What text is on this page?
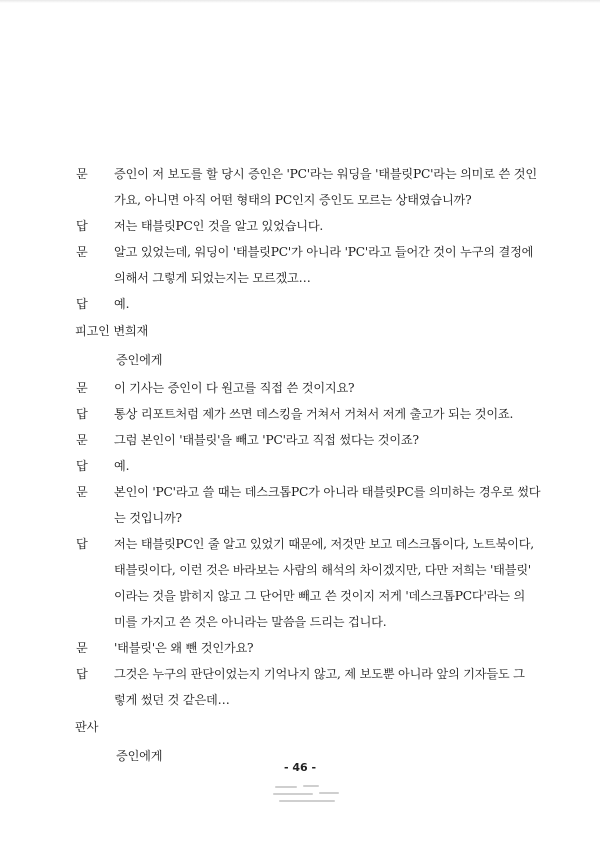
문	증인이 저 보도를 할 당시 증인은 'PC'라는 워딩을 '태블릿PC'라는 의미로 쓴 것인
가요, 아니면 아직 어떤 형태의 PC인지 증인도 모르는 상태였습니까?
답	저는 태블릿PC인 것을 알고 있었습니다.
문	알고 있었는데, 워딩이 '태블릿PC'가 아니라 'PC'라고 들어간 것이 누구의 결정에
의해서 그렇게 되었는지는 모르겠고…
답	예.
피고인 변희재
증인에게
문	이 기사는 증인이 다 원고를 직접 쓴 것이지요?
답	통상 리포트처럼 제가 쓰면 데스킹을 거쳐서 거쳐서 저게 출고가 되는 것이죠.
문	그럼 본인이 '태블릿'을 빼고 'PC'라고 직접 썼다는 것이죠?
답	예.
문	본인이 'PC'라고 쓸 때는 데스크톱PC가 아니라 태블릿PC를 의미하는 경우로 썼다
는 것입니까?
답	저는 태블릿PC인 줄 알고 있었기 때문에, 저것만 보고 데스크톱이다, 노트북이다,
태블릿이다, 이런 것은 바라보는 사람의 해석의 차이겠지만, 다만 저희는 '태블릿'
이라는 것을 밝히지 않고 그 단어만 빼고 쓴 것이지 저게 '데스크톱PC다'라는 의
미를 가지고 쓴 것은 아니라는 말씀을 드리는 겁니다.
문	'태블릿'은 왜 뺀 것인가요?
답	그것은 누구의 판단이었는지 기억나지 않고, 제 보도뿐 아니라 앞의 기자들도 그
렇게 썼던 것 같은데…
판사
증인에게
- 46 -
